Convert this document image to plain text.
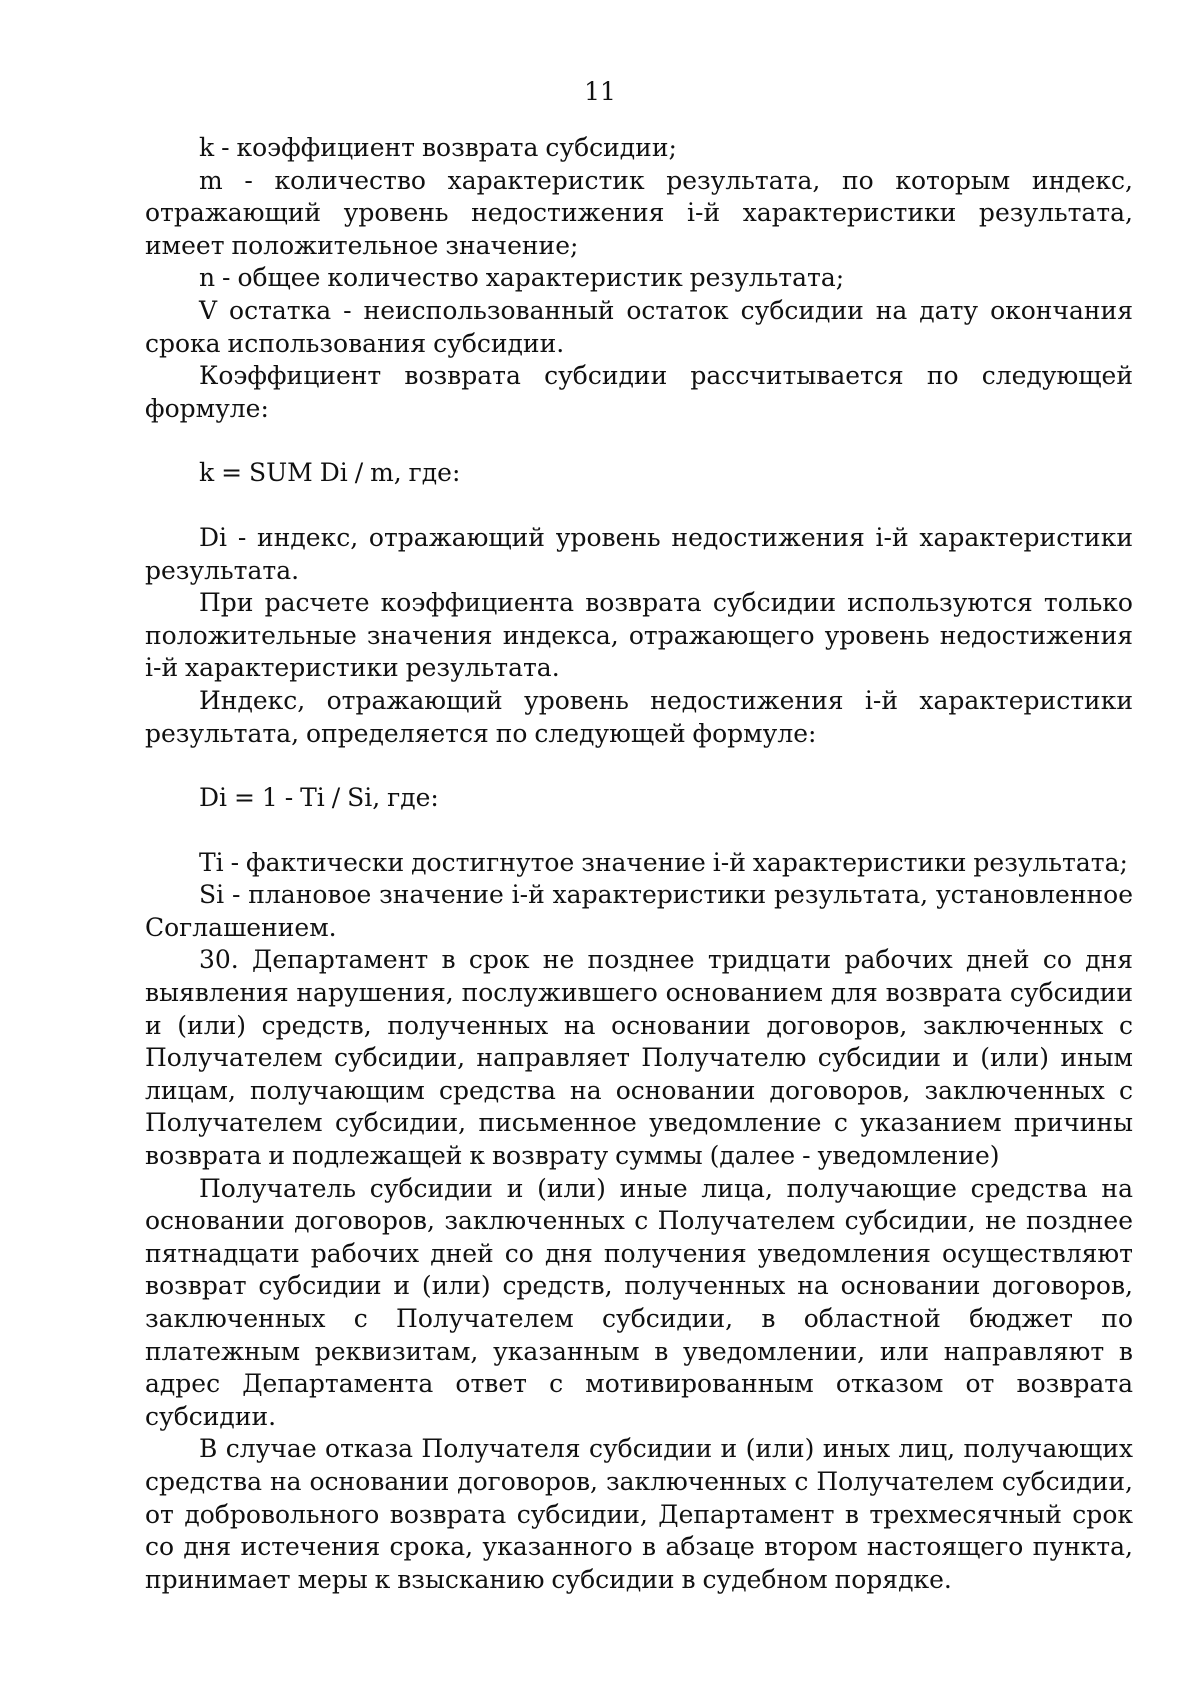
11

k - коэффициент возврата субсидии;

m - количество характеристик результата, по которым индекс, отражающий уровень недостижения i-й характеристики результата, имеет положительное значение;

n - общее количество характеристик результата;

V остатка - неиспользованный остаток субсидии на дату окончания срока использования субсидии.

Коэффициент возврата субсидии рассчитывается по следующей формуле:

k = SUM Di / m, где:

Di - индекс, отражающий уровень недостижения i-й характеристики результата.

При расчете коэффициента возврата субсидии используются только положительные значения индекса, отражающего уровень недостижения i-й характеристики результата.

Индекс, отражающий уровень недостижения i-й характеристики результата, определяется по следующей формуле:

Di = 1 - Ti / Si, где:

Ti - фактически достигнутое значение i-й характеристики результата;

Si - плановое значение i-й характеристики результата, установленное Соглашением.

30. Департамент в срок не позднее тридцати рабочих дней со дня выявления нарушения, послужившего основанием для возврата субсидии и (или) средств, полученных на основании договоров, заключенных с Получателем субсидии, направляет Получателю субсидии и (или) иным лицам, получающим средства на основании договоров, заключенных с Получателем субсидии, письменное уведомление с указанием причины возврата и подлежащей к возврату суммы (далее - уведомление)

Получатель субсидии и (или) иные лица, получающие средства на основании договоров, заключенных с Получателем субсидии, не позднее пятнадцати рабочих дней со дня получения уведомления осуществляют возврат субсидии и (или) средств, полученных на основании договоров, заключенных с Получателем субсидии, в областной бюджет по платежным реквизитам, указанным в уведомлении, или направляют в адрес Департамента ответ с мотивированным отказом от возврата субсидии.

В случае отказа Получателя субсидии и (или) иных лиц, получающих средства на основании договоров, заключенных с Получателем субсидии, от добровольного возврата субсидии, Департамент в трехмесячный срок со дня истечения срока, указанного в абзаце втором настоящего пункта, принимает меры к взысканию субсидии в судебном порядке.
